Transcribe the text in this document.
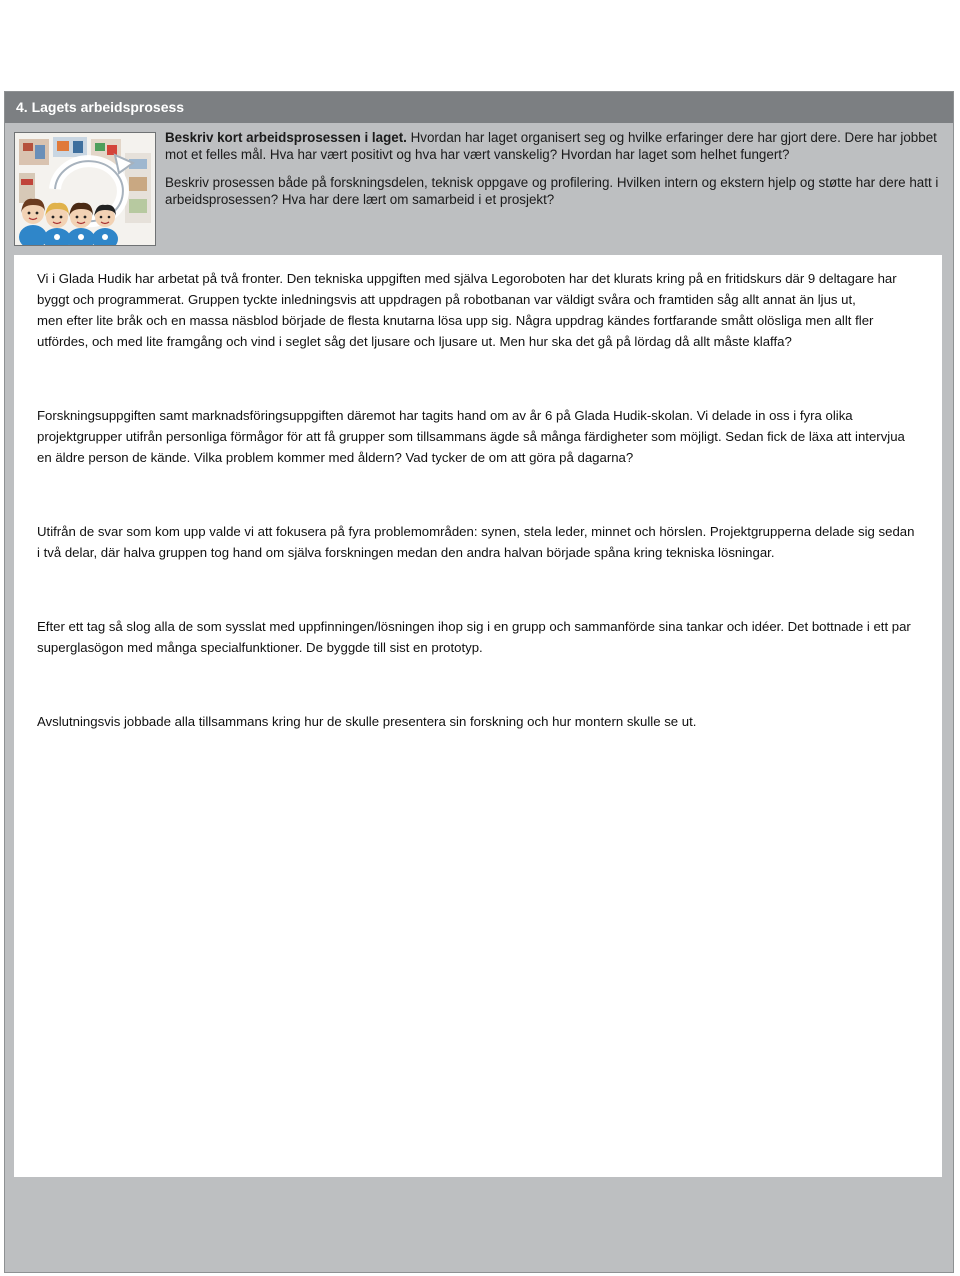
4. Lagets arbeidsprosess

Beskriv kort arbeidsprosessen i laget. Hvordan har laget organisert seg og hvilke erfaringer dere har gjort dere. Dere har jobbet mot et felles mål. Hva har vært positivt og hva har vært vanskelig? Hvordan har laget som helhet fungert?

Beskriv prosessen både på forskningsdelen, teknisk oppgave og profilering. Hvilken intern og ekstern hjelp og støtte har dere hatt i arbeidsprosessen? Hva har dere lært om samarbeid i et prosjekt?

Vi i Glada Hudik har arbetat på två fronter. Den tekniska uppgiften med själva Legoroboten har det klurats kring på en fritidskurs där 9 deltagare har byggt och programmerat. Gruppen tyckte inledningsvis att uppdragen på robotbanan var väldigt svåra och framtiden såg allt annat än ljus ut,
men efter lite bråk och en massa näsblod började de flesta knutarna lösa upp sig. Några uppdrag kändes fortfarande smått olösliga men allt fler utfördes, och med lite framgång och vind i seglet såg det ljusare och ljusare ut. Men hur ska det gå på lördag då allt måste klaffa?

Forskningsuppgiften samt marknadsföringsuppgiften däremot har tagits hand om av år 6 på Glada Hudik-skolan. Vi delade in oss i fyra olika projektgrupper utifrån personliga förmågor för att få grupper som tillsammans ägde så många färdigheter som möjligt. Sedan fick de läxa att intervjua en äldre person de kände. Vilka problem kommer med åldern? Vad tycker de om att göra på dagarna?

Utifrån de svar som kom upp valde vi att fokusera på fyra problemområden: synen, stela leder, minnet och hörslen. Projektgrupperna delade sig sedan i två delar, där halva gruppen tog hand om själva forskningen medan den andra halvan började spåna kring tekniska lösningar.

Efter ett tag så slog alla de som sysslat med uppfinningen/lösningen ihop sig i en grupp och sammanförde sina tankar och idéer. Det bottnade i ett par superglasögon med många specialfunktioner. De byggde till sist en prototyp.

Avslutningsvis jobbade alla tillsammans kring hur de skulle presentera sin forskning och hur montern skulle se ut.
